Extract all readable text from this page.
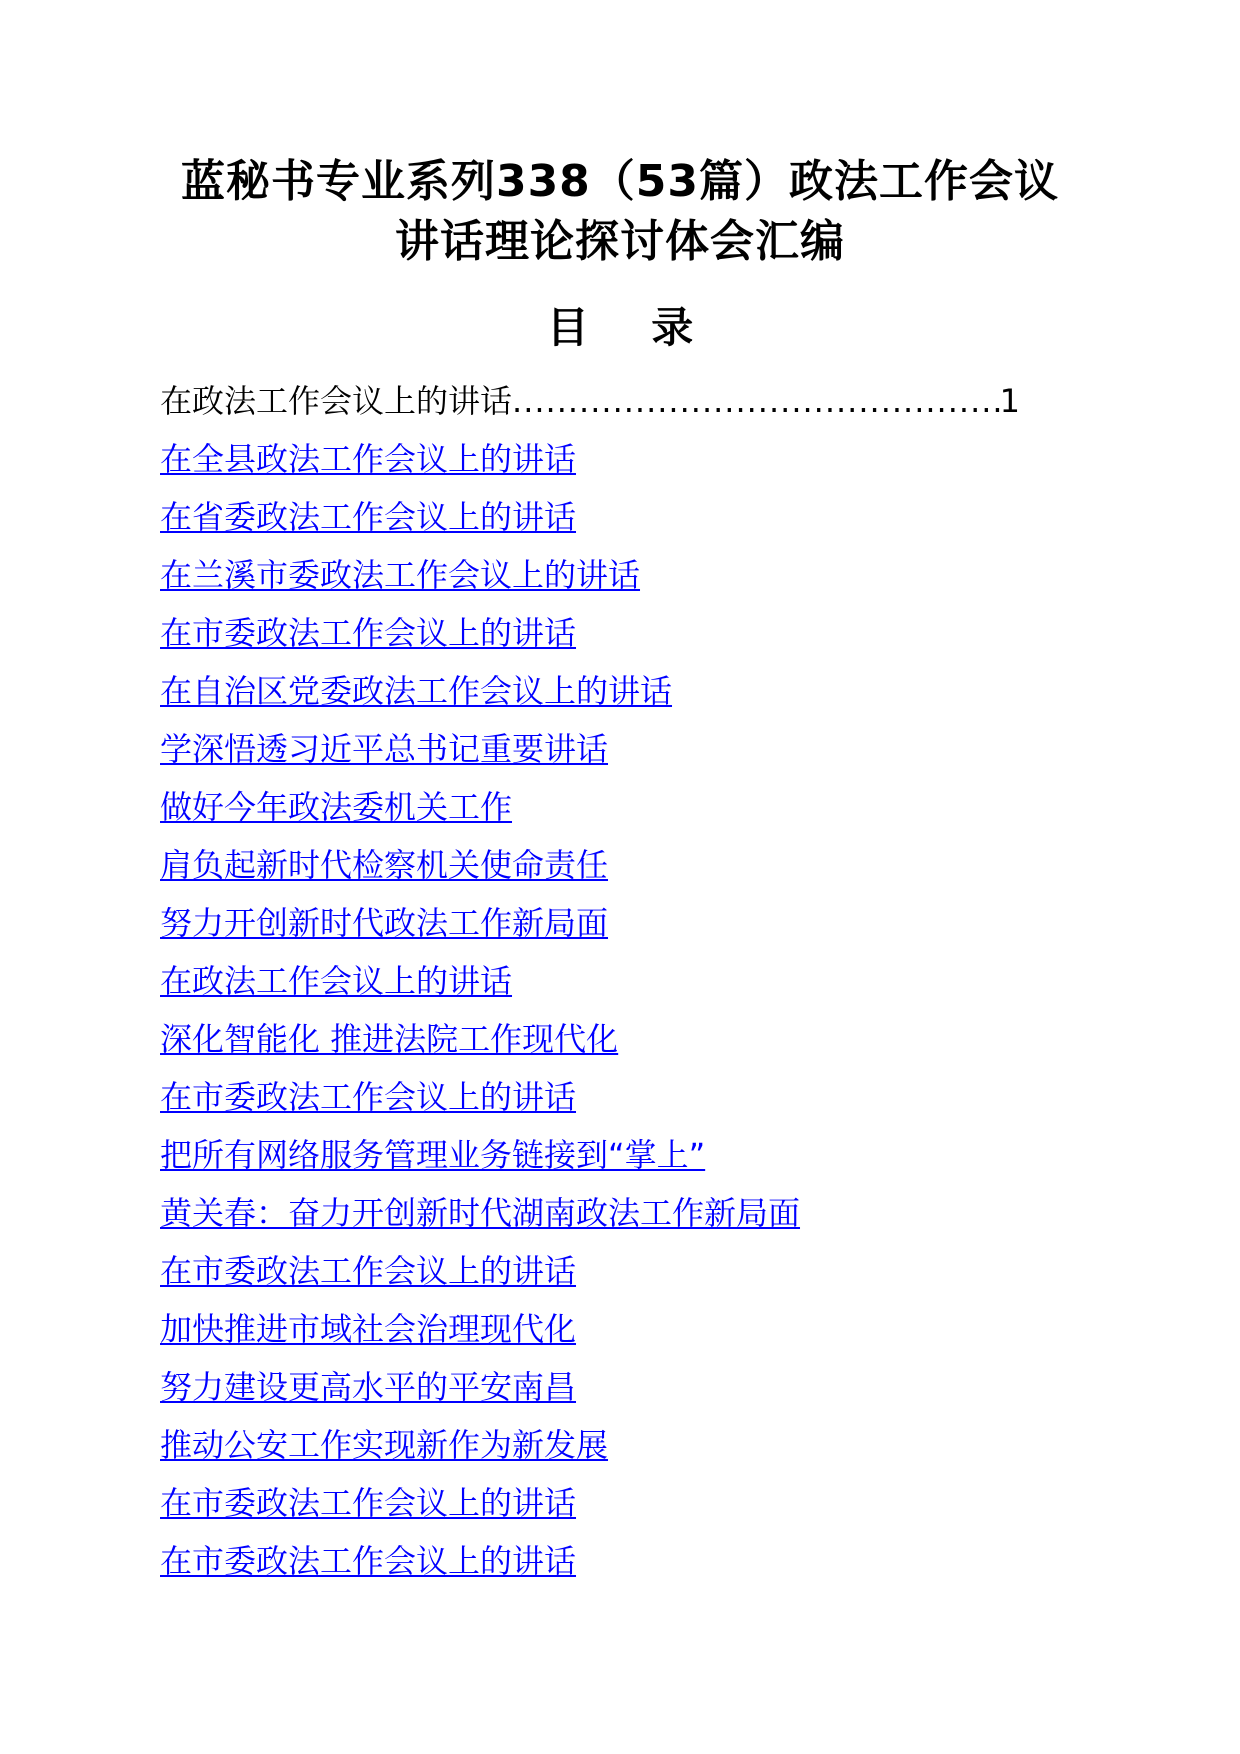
蓝秘书专业系列338（53篇）政法工作会议
讲话理论探讨体会汇编
目 录
在政法工作会议上的讲话
.....	1
在全县政法工作会议上的讲话
在省委政法工作会议上的讲话
在兰溪市委政法工作会议上的讲话
在市委政法工作会议上的讲话
在自治区党委政法工作会议上的讲话
学深悟透习近平总书记重要讲话
做好今年政法委机关工作
肩负起新时代检察机关使命责任
努力开创新时代政法工作新局面
在政法工作会议上的讲话
深化智能化 推进法院工作现代化
在市委政法工作会议上的讲话
把所有网络服务管理业务链接到“掌上”
黄关春：奋力开创新时代湖南政法工作新局面
在市委政法工作会议上的讲话
加快推进市域社会治理现代化
努力建设更高水平的平安南昌
推动公安工作实现新作为新发展
在市委政法工作会议上的讲话
在市委政法工作会议上的讲话
